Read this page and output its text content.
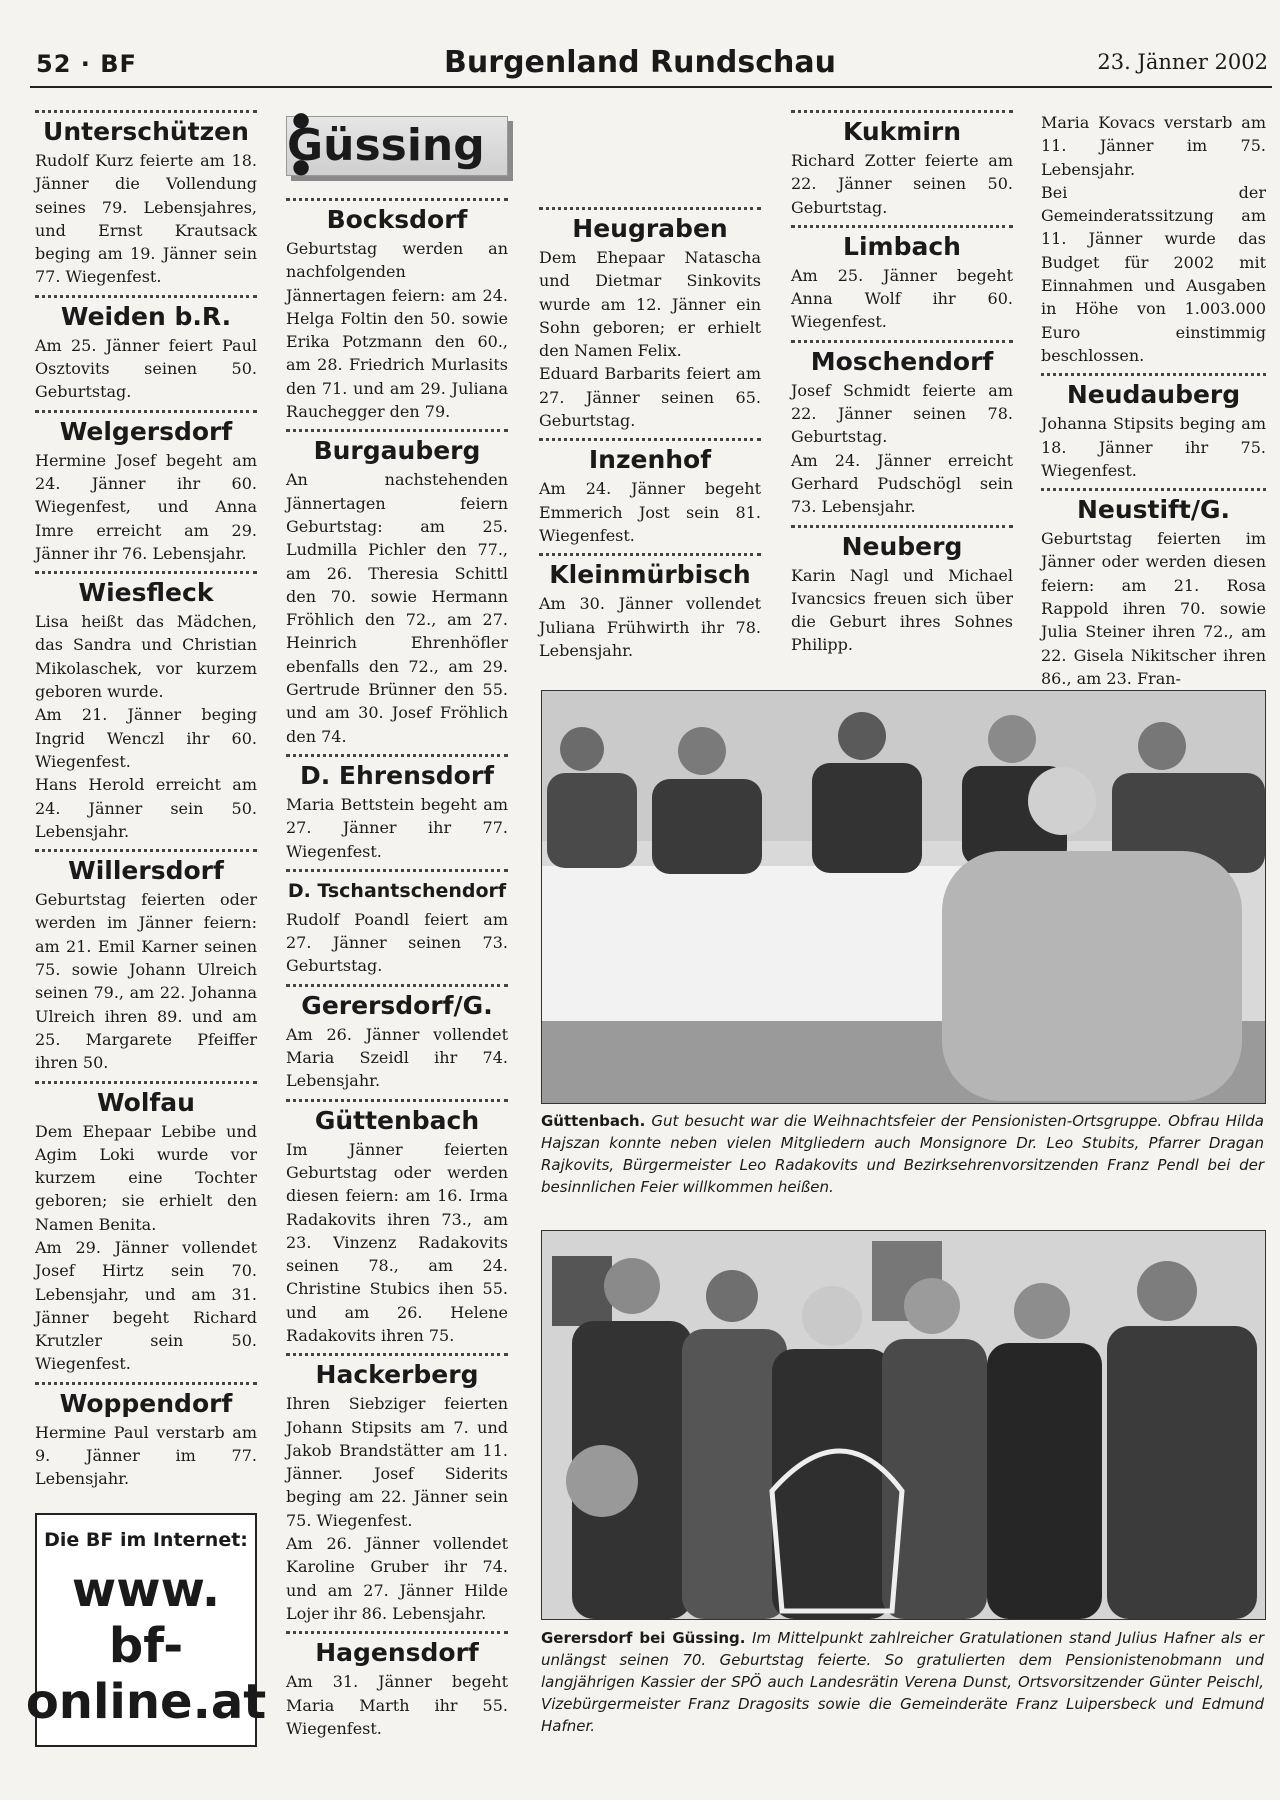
52 · BF	Burgenland Rundschau	23. Jänner 2002
Unterschützen

Rudolf Kurz feierte am 18. Jänner die Vollendung seines 79. Lebensjahres, und Ernst Krautsack beging am 19. Jänner sein 77. Wiegenfest.

Weiden b.R.

Am 25. Jänner feiert Paul Osztovits seinen 50. Geburtstag.

Welgersdorf

Hermine Josef begeht am 24. Jänner ihr 60. Wiegenfest, und Anna Imre erreicht am 29. Jänner ihr 76. Lebensjahr.

Wiesfleck

Lisa heißt das Mädchen, das Sandra und Christian Mikolaschek, vor kurzem geboren wurde.

Am 21. Jänner beging Ingrid Wenczl ihr 60. Wiegenfest.

Hans Herold erreicht am 24. Jänner sein 50. Lebensjahr.

Willersdorf

Geburtstag feierten oder werden im Jänner feiern: am 21. Emil Karner seinen 75. sowie Johann Ulreich seinen 79., am 22. Johanna Ulreich ihren 89. und am 25. Margarete Pfeiffer ihren 50.

Wolfau

Dem Ehepaar Lebibe und Agim Loki wurde vor kurzem eine Tochter geboren; sie erhielt den Namen Benita.

Am 29. Jänner vollendet Josef Hirtz sein 70. Lebensjahr, und am 31. Jänner begeht Richard Krutzler sein 50. Wiegenfest.

Woppendorf

Hermine Paul verstarb am 9. Jänner im 77. Lebensjahr.

Die BF im Internet:
www.
bf-
online.at
• Güssing •
Bocksdorf

Geburtstag werden an nachfolgenden Jännertagen feiern: am 24. Helga Foltin den 50. sowie Erika Potzmann den 60., am 28. Friedrich Murlasits den 71. und am 29. Juliana Rauchegger den 79.

Burgauberg

An nachstehenden Jännertagen feiern Geburtstag: am 25. Ludmilla Pichler den 77., am 26. Theresia Schittl den 70. sowie Hermann Fröhlich den 72., am 27. Heinrich Ehrenhöfler ebenfalls den 72., am 29. Gertrude Brünner den 55. und am 30. Josef Fröhlich den 74.

D. Ehrensdorf

Maria Bettstein begeht am 27. Jänner ihr 77. Wiegenfest.

D. Tschantschendorf

Rudolf Poandl feiert am 27. Jänner seinen 73. Geburtstag.

Gerersdorf/G.

Am 26. Jänner vollendet Maria Szeidl ihr 74. Lebensjahr.

Güttenbach

Im Jänner feierten Geburtstag oder werden diesen feiern: am 16. Irma Radakovits ihren 73., am 23. Vinzenz Radakovits seinen 78., am 24. Christine Stubics ihen 55. und am 26. Helene Radakovits ihren 75.

Hackerberg

Ihren Siebziger feierten Johann Stipsits am 7. und Jakob Brandstätter am 11. Jänner. Josef Siderits beging am 22. Jänner sein 75. Wiegenfest.

Am 26. Jänner vollendet Karoline Gruber ihr 74. und am 27. Jänner Hilde Lojer ihr 86. Lebensjahr.

Hagensdorf

Am 31. Jänner begeht Maria Marth ihr 55. Wiegenfest.

Heugraben

Dem Ehepaar Natascha und Dietmar Sinkovits wurde am 12. Jänner ein Sohn geboren; er erhielt den Namen Felix.

Eduard Barbarits feiert am 27. Jänner seinen 65. Geburtstag.

Inzenhof

Am 24. Jänner begeht Emmerich Jost sein 81. Wiegenfest.

Kleinmürbisch

Am 30. Jänner vollendet Juliana Frühwirth ihr 78. Lebensjahr.

Kukmirn

Richard Zotter feierte am 22. Jänner seinen 50. Geburtstag.

Limbach

Am 25. Jänner begeht Anna Wolf ihr 60. Wiegenfest.

Moschendorf

Josef Schmidt feierte am 22. Jänner seinen 78. Geburtstag.

Am 24. Jänner erreicht Gerhard Pudschögl sein 73. Lebensjahr.

Neuberg

Karin Nagl und Michael Ivancsics freuen sich über die Geburt ihres Sohnes Philipp.

Maria Kovacs verstarb am 11. Jänner im 75. Lebensjahr.

Bei der Gemeinderatssitzung am 11. Jänner wurde das Budget für 2002 mit Einnahmen und Ausgaben in Höhe von 1.003.000 Euro einstimmig beschlossen.

Neudauberg

Johanna Stipsits beging am 18. Jänner ihr 75. Wiegenfest.

Neustift/G.

Geburtstag feierten im Jänner oder werden diesen feiern: am 21. Rosa Rappold ihren 70. sowie Julia Steiner ihren 72., am 22. Gisela Nikitscher ihren 86., am 23. Fran-

Güttenbach. Gut besucht war die Weihnachtsfeier der Pensionisten-Ortsgruppe. Obfrau Hilda Hajszan konnte neben vielen Mitgliedern auch Monsignore Dr. Leo Stubits, Pfarrer Dragan Rajkovits, Bürgermeister Leo Radakovits und Bezirksehrenvorsitzenden Franz Pendl bei der besinnlichen Feier willkommen heißen.
Gerersdorf bei Güssing. Im Mittelpunkt zahlreicher Gratulationen stand Julius Hafner als er unlängst seinen 70. Geburtstag feierte. So gratulierten dem Pensionistenobmann und langjährigen Kassier der SPÖ auch Landesrätin Verena Dunst, Ortsvorsitzender Günter Peischl, Vizebürgermeister Franz Dragosits sowie die Gemeinderäte Franz Luipersbeck und Edmund Hafner.
